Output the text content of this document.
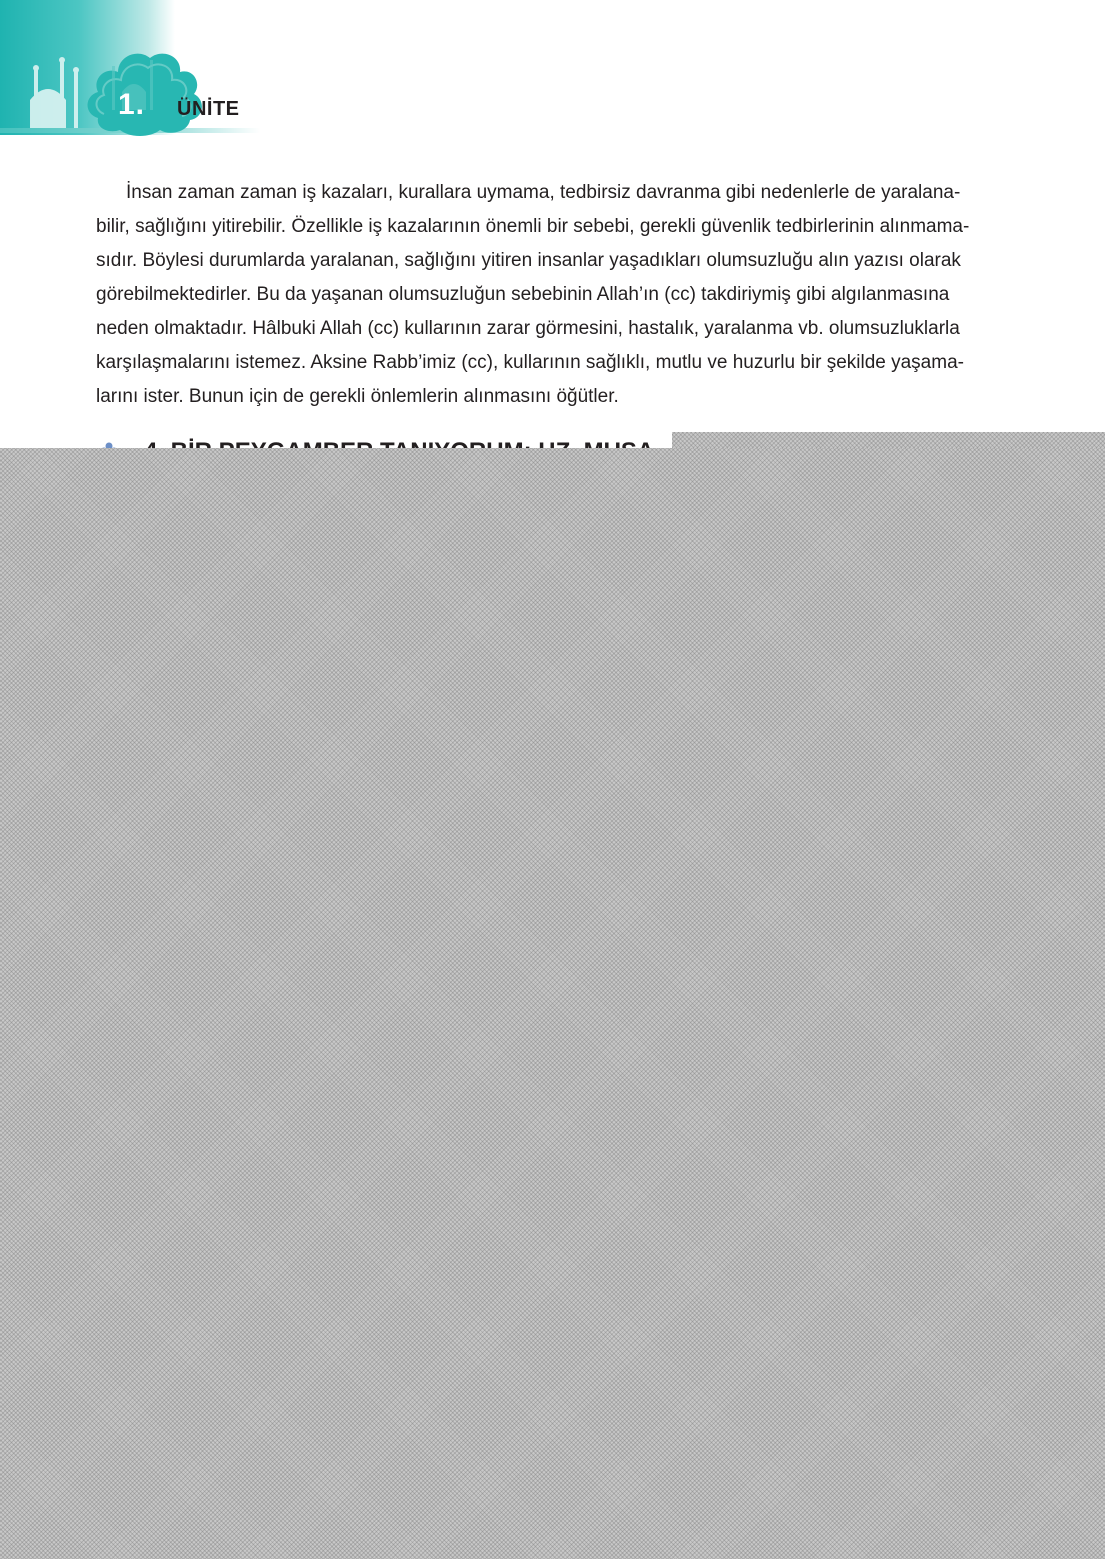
1. ÜNİTE

İnsan zaman zaman iş kazaları, kurallara uymama, tedbirsiz davranma gibi nedenlerle de yaralana-
bilir, sağlığını yitirebilir. Özellikle iş kazalarının önemli bir sebebi, gerekli güvenlik tedbirlerinin alınmama-
sıdır. Böylesi durumlarda yaralanan, sağlığını yitiren insanlar yaşadıkları olumsuzluğu alın yazısı olarak
görebilmektedirler. Bu da yaşanan olumsuzluğun sebebinin Allah’ın (cc) takdiriymiş gibi algılanmasına
neden olmaktadır. Hâlbuki Allah (cc) kullarının zarar görmesini, hastalık, yaralanma vb. olumsuzluklarla
karşılaşmalarını istemez. Aksine Rabb’imiz (cc), kullarının sağlıklı, mutlu ve huzurlu bir şekilde yaşama-
larını ister. Bunun için de gerekli önlemlerin alınmasını öğütler.
